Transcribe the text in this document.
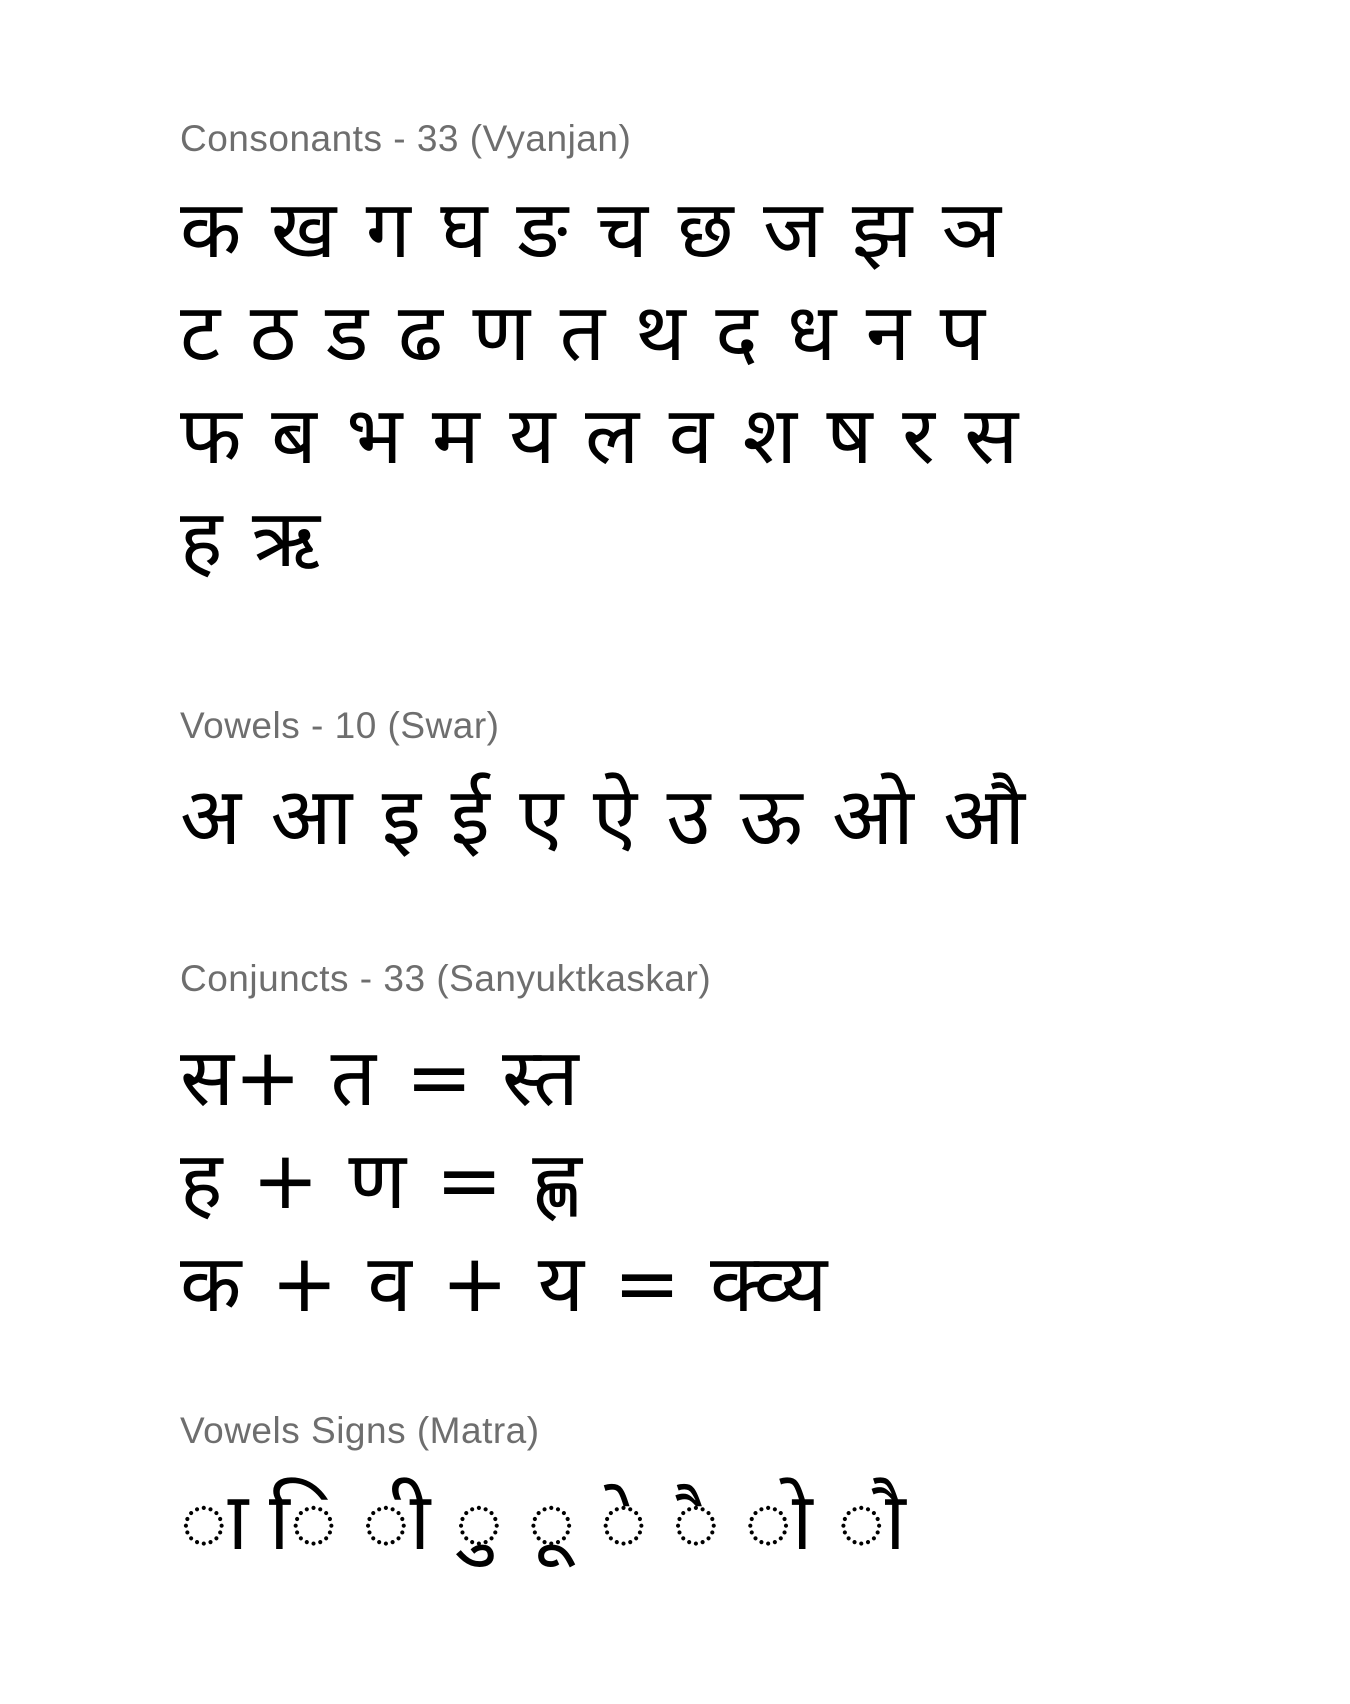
Consonants - 33 (Vyanjan)
क ख ग घ ङ च छ ज झ ञ
ट ठ ड ढ ण त थ द ध न प
फ ब भ म य ल व श ष र स
ह ऋ
Vowels - 10 (Swar)
अ आ इ ई ए ऐ उ ऊ ओ औ
Conjuncts - 33 (Sanyuktkaskar)
स+ त = स्त
ह + ण = ह्ण
क + व + य = क्व्य
Vowels Signs (Matra)
ा ि ी ु ू े ै ो ौ
